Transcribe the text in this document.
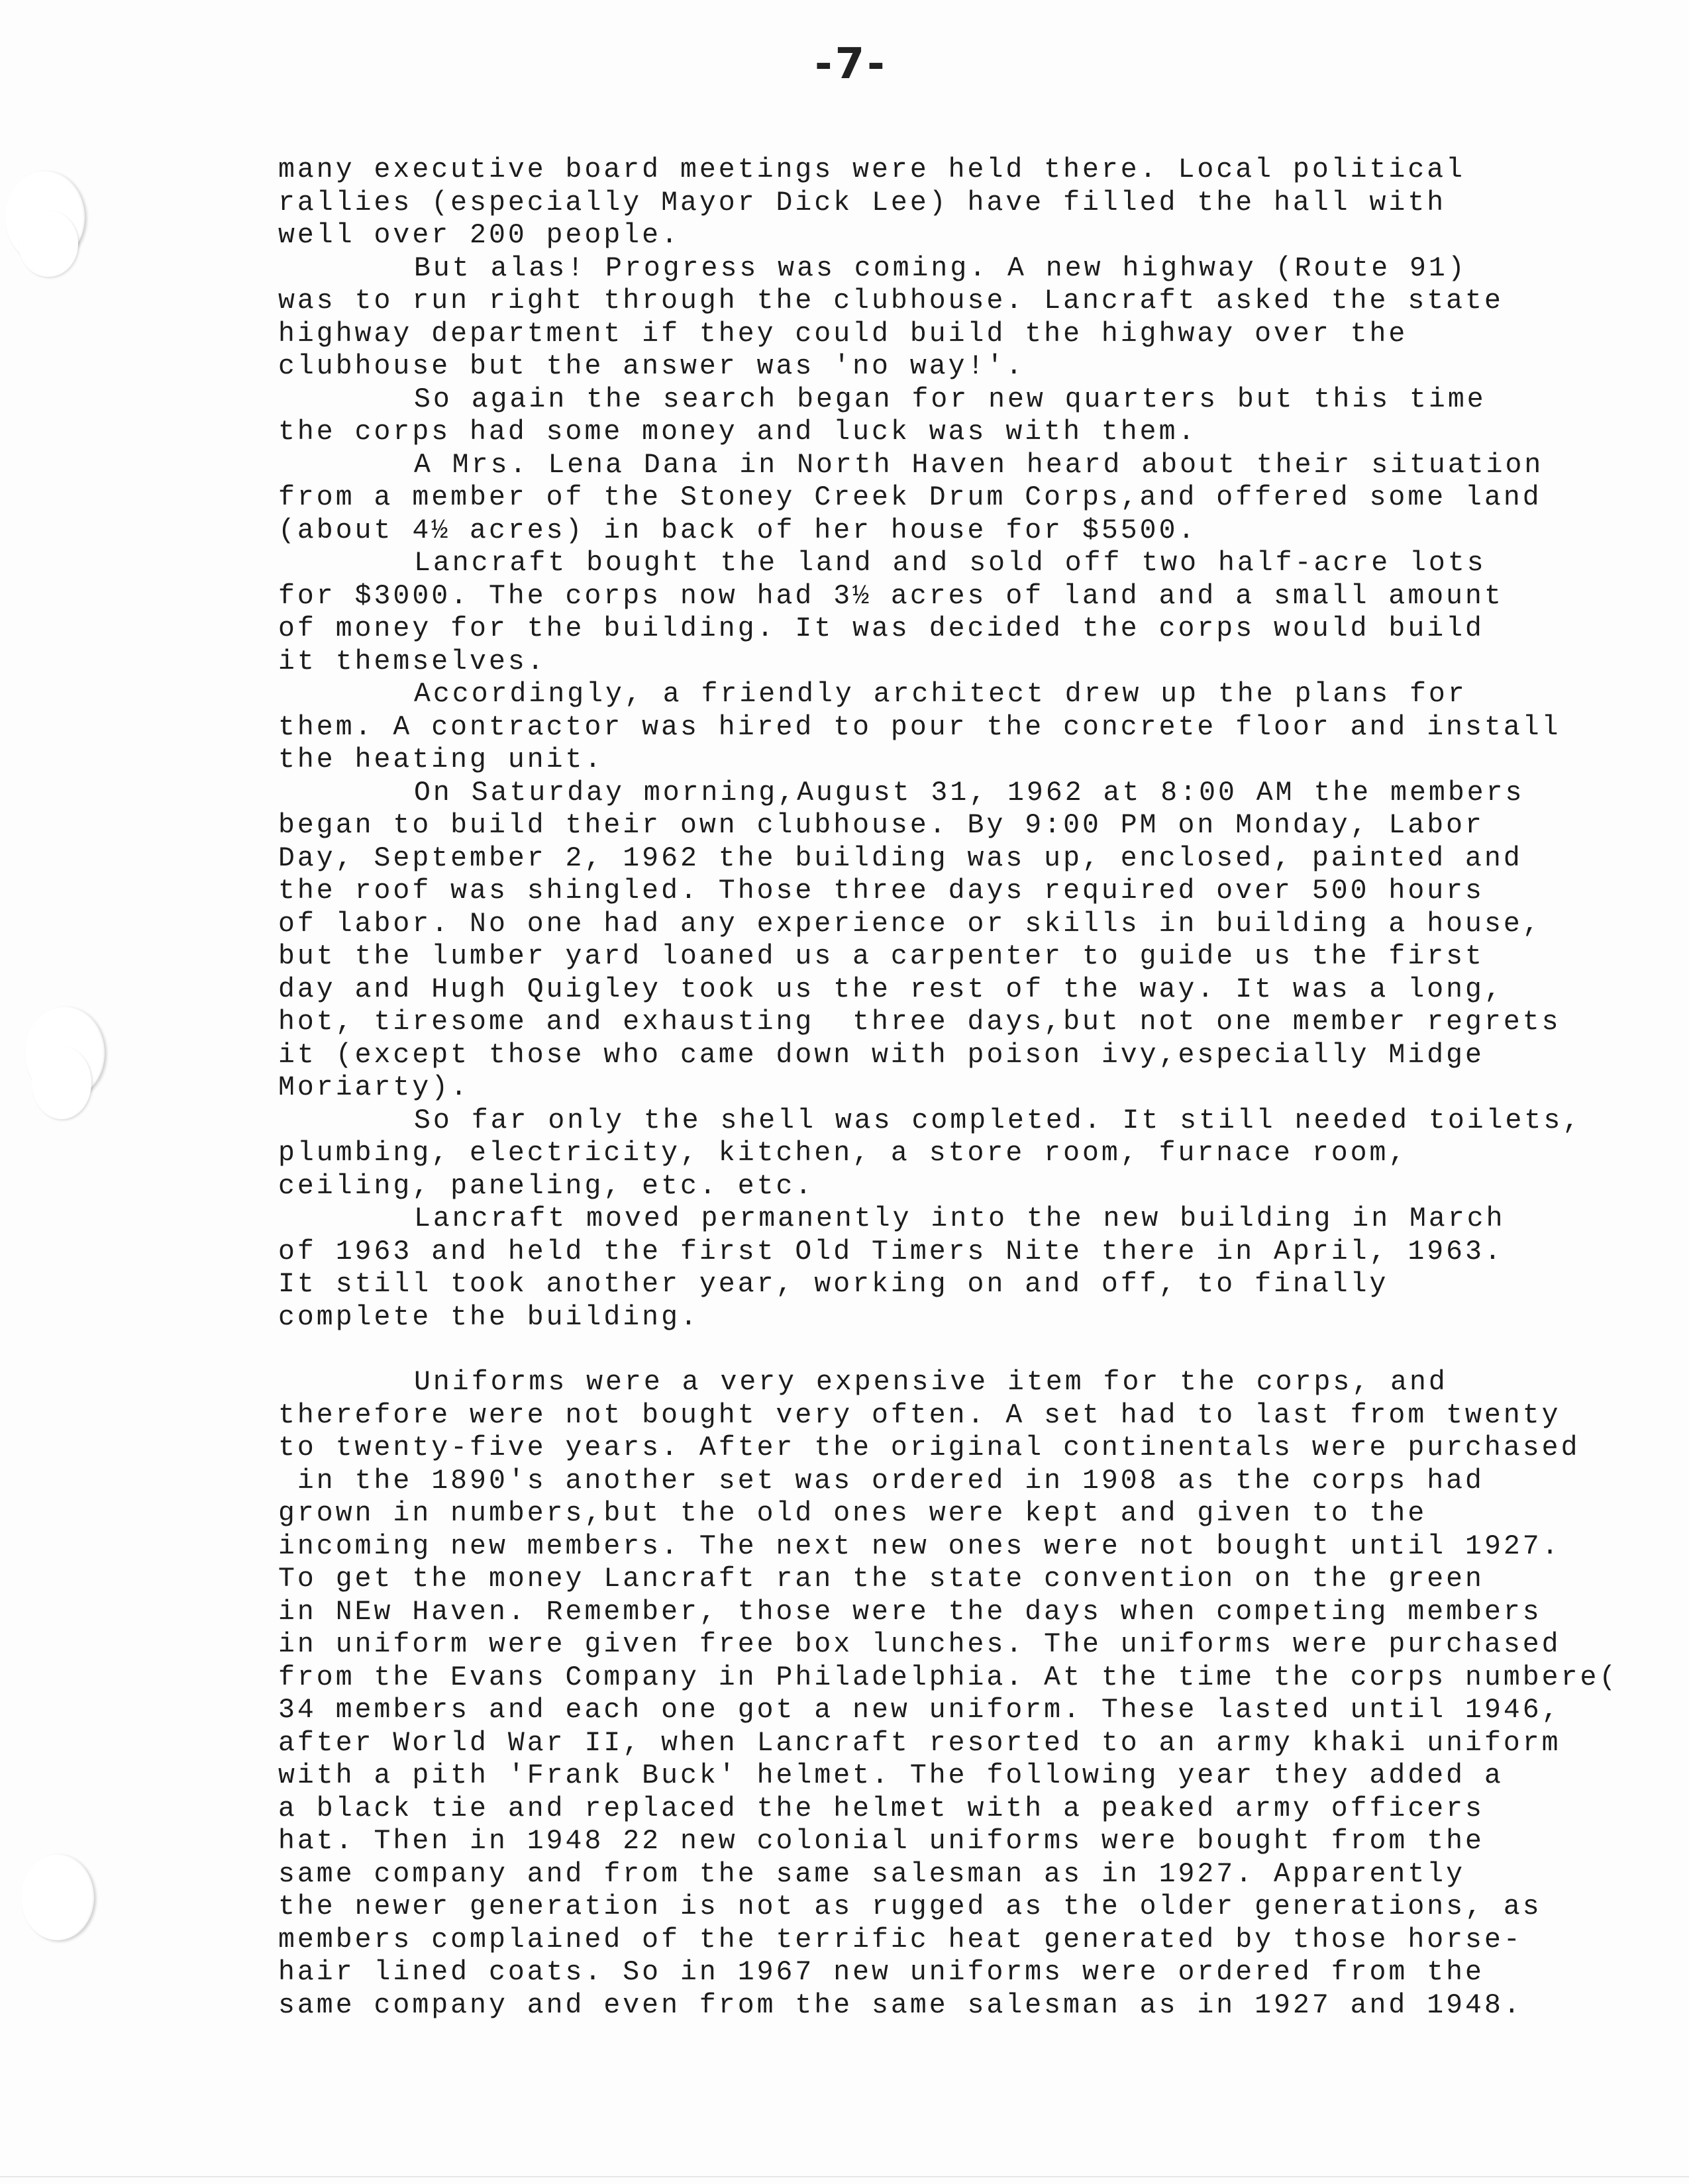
-7-
many executive board meetings were held there. Local political
rallies (especially Mayor Dick Lee) have filled the hall with
well over 200 people.
But alas! Progress was coming. A new highway (Route 91)
was to run right through the clubhouse. Lancraft asked the state
highway department if they could build the highway over the
clubhouse but the answer was 'no way!'.
So again the search began for new quarters but this time
the corps had some money and luck was with them.
A Mrs. Lena Dana in North Haven heard about their situation
from a member of the Stoney Creek Drum Corps,and offered some land
(about 4½ acres) in back of her house for $5500.
Lancraft bought the land and sold off two half-acre lots
for $3000. The corps now had 3½ acres of land and a small amount
of money for the building. It was decided the corps would build
it themselves.
Accordingly, a friendly architect drew up the plans for
them. A contractor was hired to pour the concrete floor and install
the heating unit.
On Saturday morning,August 31, 1962 at 8:00 AM the members
began to build their own clubhouse. By 9:00 PM on Monday, Labor
Day, September 2, 1962 the building was up, enclosed, painted and
the roof was shingled. Those three days required over 500 hours
of labor. No one had any experience or skills in building a house,
but the lumber yard loaned us a carpenter to guide us the first
day and Hugh Quigley took us the rest of the way. It was a long,
hot, tiresome and exhausting  three days,but not one member regrets
it (except those who came down with poison ivy,especially Midge
Moriarty).
So far only the shell was completed. It still needed toilets,
plumbing, electricity, kitchen, a store room, furnace room,
ceiling, paneling, etc. etc.
Lancraft moved permanently into the new building in March
of 1963 and held the first Old Timers Nite there in April, 1963.
It still took another year, working on and off, to finally
complete the building.
Uniforms were a very expensive item for the corps, and
therefore were not bought very often. A set had to last from twenty
to twenty-five years. After the original continentals were purchased
in the 1890's another set was ordered in 1908 as the corps had
grown in numbers,but the old ones were kept and given to the
incoming new members. The next new ones were not bought until 1927.
To get the money Lancraft ran the state convention on the green
in NEw Haven. Remember, those were the days when competing members
in uniform were given free box lunches. The uniforms were purchased
from the Evans Company in Philadelphia. At the time the corps numbere(
34 members and each one got a new uniform. These lasted until 1946,
after World War II, when Lancraft resorted to an army khaki uniform
with a pith 'Frank Buck' helmet. The following year they added a
a black tie and replaced the helmet with a peaked army officers
hat. Then in 1948 22 new colonial uniforms were bought from the
same company and from the same salesman as in 1927. Apparently
the newer generation is not as rugged as the older generations, as
members complained of the terrific heat generated by those horse-
hair lined coats. So in 1967 new uniforms were ordered from the
same company and even from the same salesman as in 1927 and 1948.
